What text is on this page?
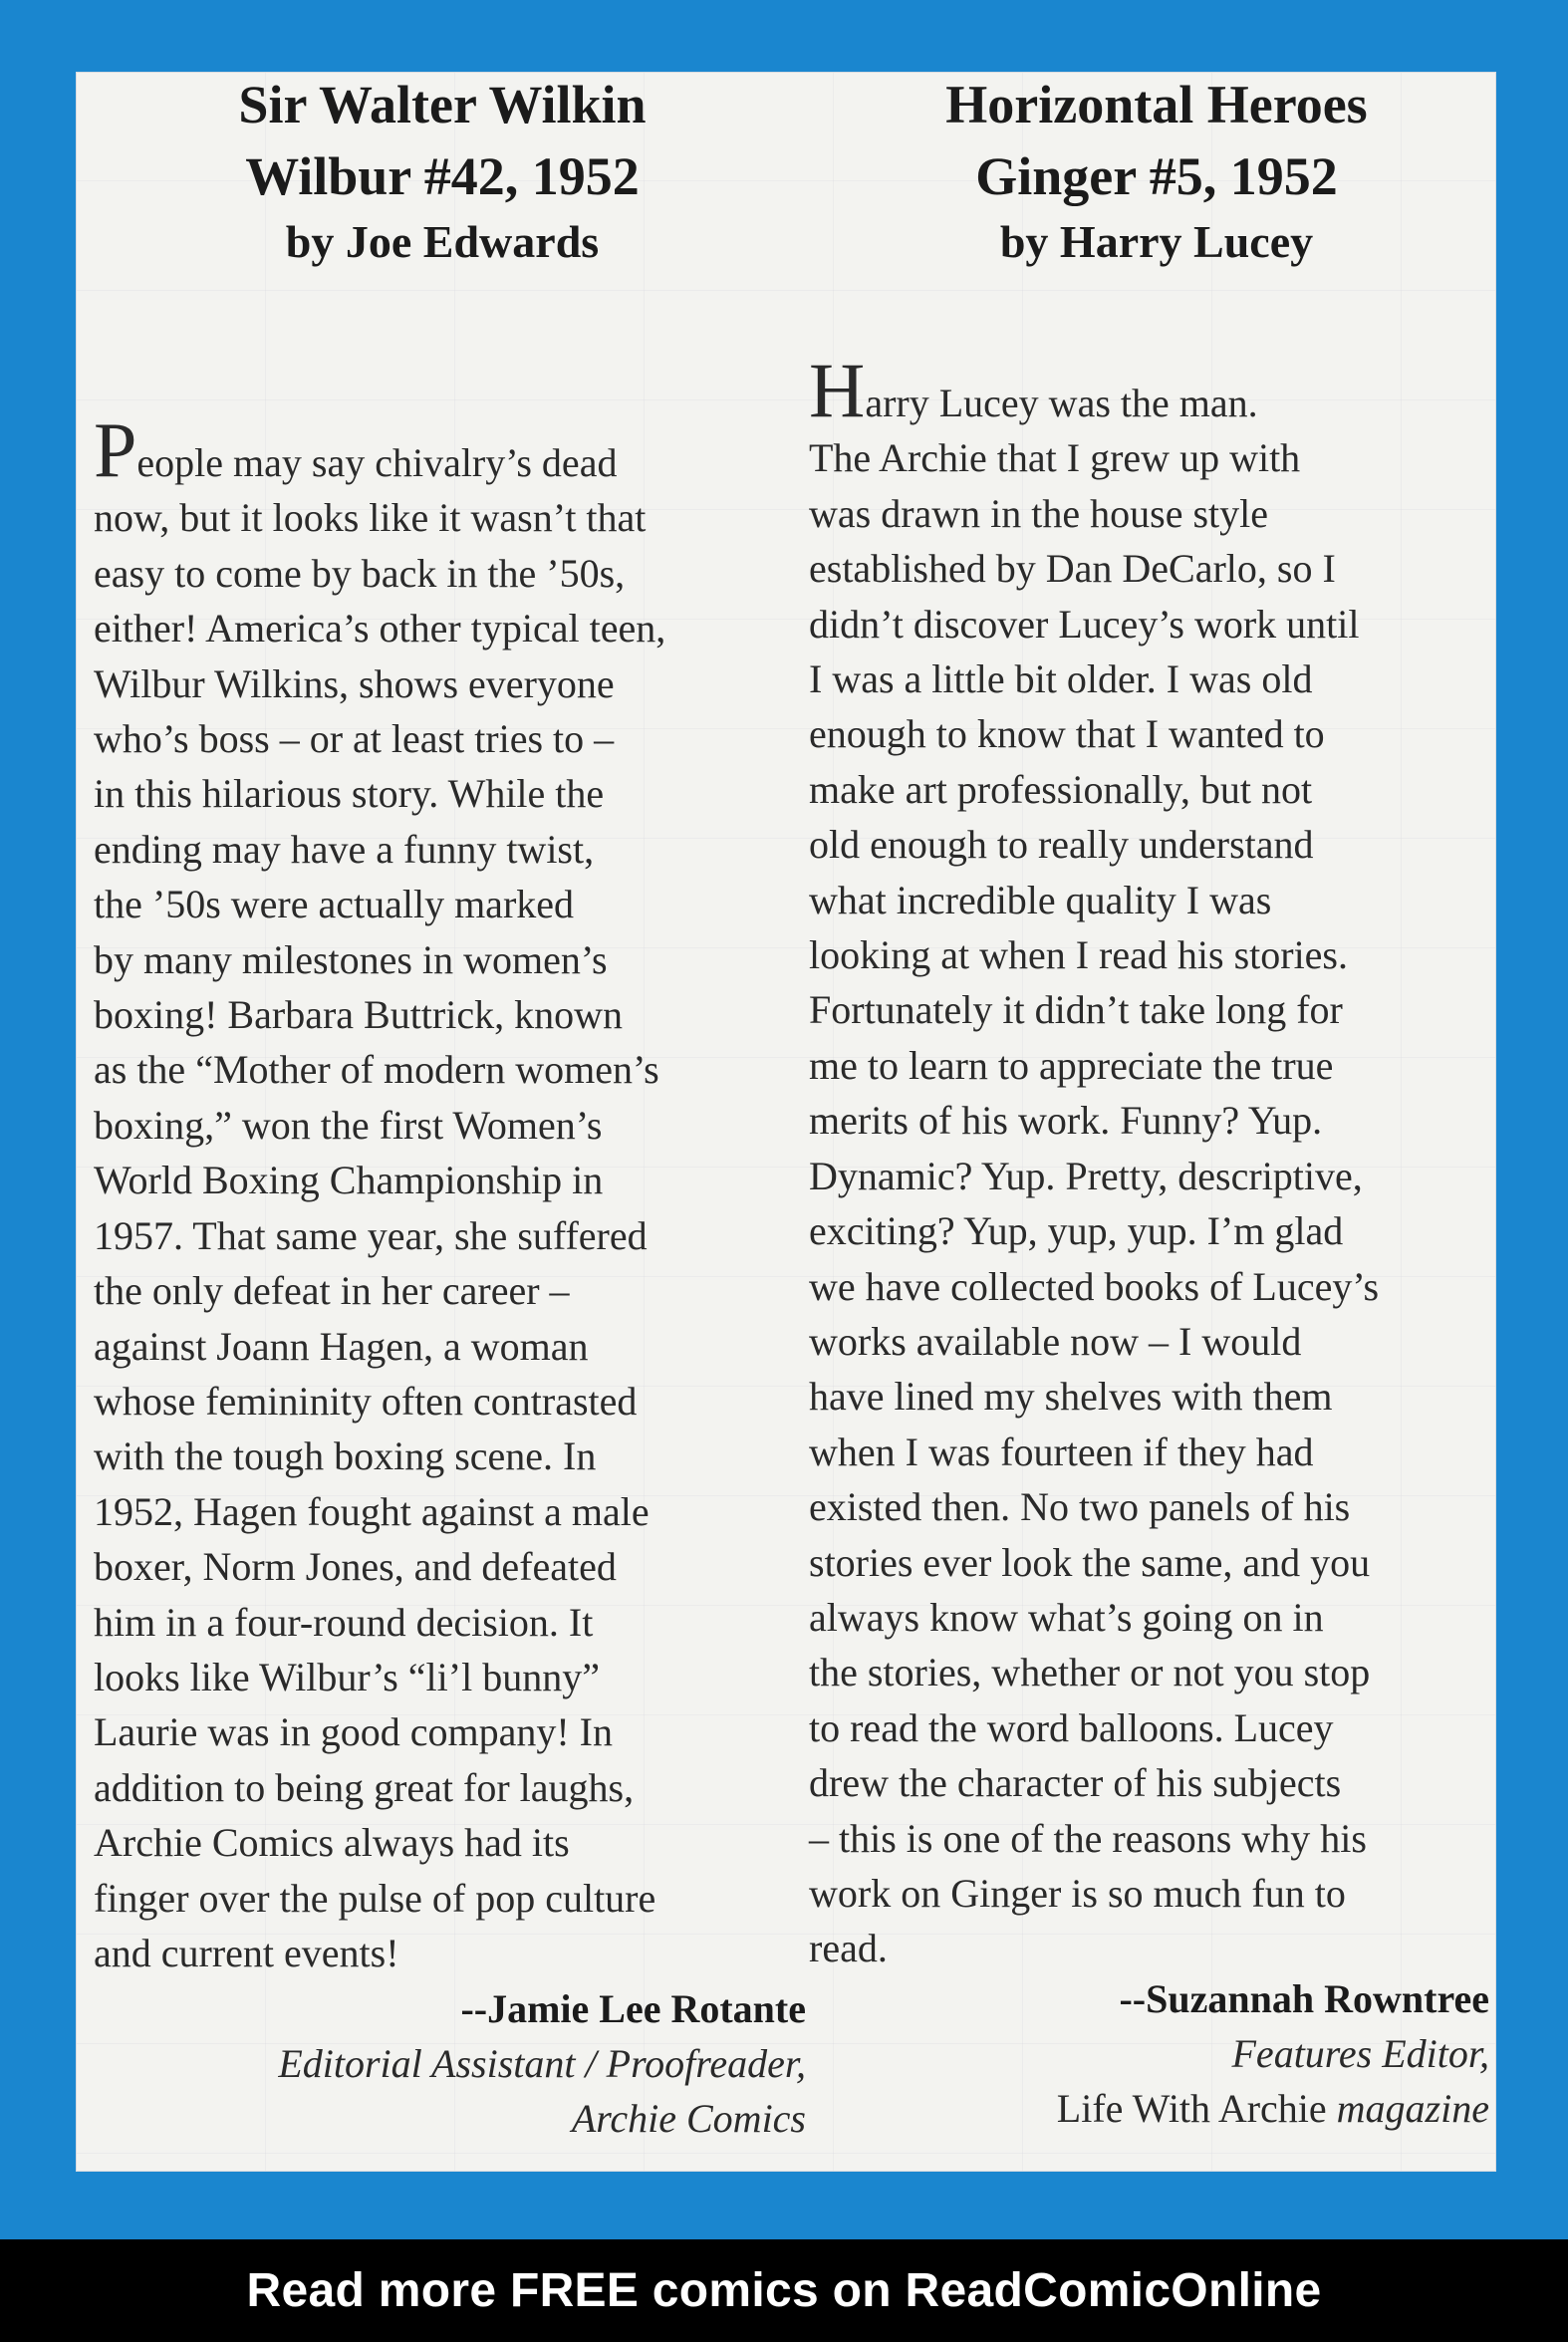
Sir Walter Wilkin
Wilbur #42, 1952
by Joe Edwards
People may say chivalry’s dead
now, but it looks like it wasn’t that
easy to come by back in the ’50s,
either! America’s other typical teen,
Wilbur Wilkins, shows everyone
who’s boss – or at least tries to –
in this hilarious story. While the
ending may have a funny twist,
the ’50s were actually marked
by many milestones in women’s
boxing! Barbara Buttrick, known
as the “Mother of modern women’s
boxing,” won the first Women’s
World Boxing Championship in
1957. That same year, she suffered
the only defeat in her career –
against Joann Hagen, a woman
whose femininity often contrasted
with the tough boxing scene. In
1952, Hagen fought against a male
boxer, Norm Jones, and defeated
him in a four-round decision. It
looks like Wilbur’s “li’l bunny”
Laurie was in good company! In
addition to being great for laughs,
Archie Comics always had its
finger over the pulse of pop culture
and current events!
--Jamie Lee Rotante
Editorial Assistant / Proofreader,
Archie Comics
Horizontal Heroes
Ginger #5, 1952
by Harry Lucey
Harry Lucey was the man.
The Archie that I grew up with
was drawn in the house style
established by Dan DeCarlo, so I
didn’t discover Lucey’s work until
I was a little bit older. I was old
enough to know that I wanted to
make art professionally, but not
old enough to really understand
what incredible quality I was
looking at when I read his stories.
Fortunately it didn’t take long for
me to learn to appreciate the true
merits of his work. Funny? Yup.
Dynamic? Yup. Pretty, descriptive,
exciting? Yup, yup, yup. I’m glad
we have collected books of Lucey’s
works available now – I would
have lined my shelves with them
when I was fourteen if they had
existed then. No two panels of his
stories ever look the same, and you
always know what’s going on in
the stories, whether or not you stop
to read the word balloons. Lucey
drew the character of his subjects
– this is one of the reasons why his
work on Ginger is so much fun to
read.
--Suzannah Rowntree
Features Editor,
Life With Archie magazine
Read more FREE comics on ReadComicOnline
